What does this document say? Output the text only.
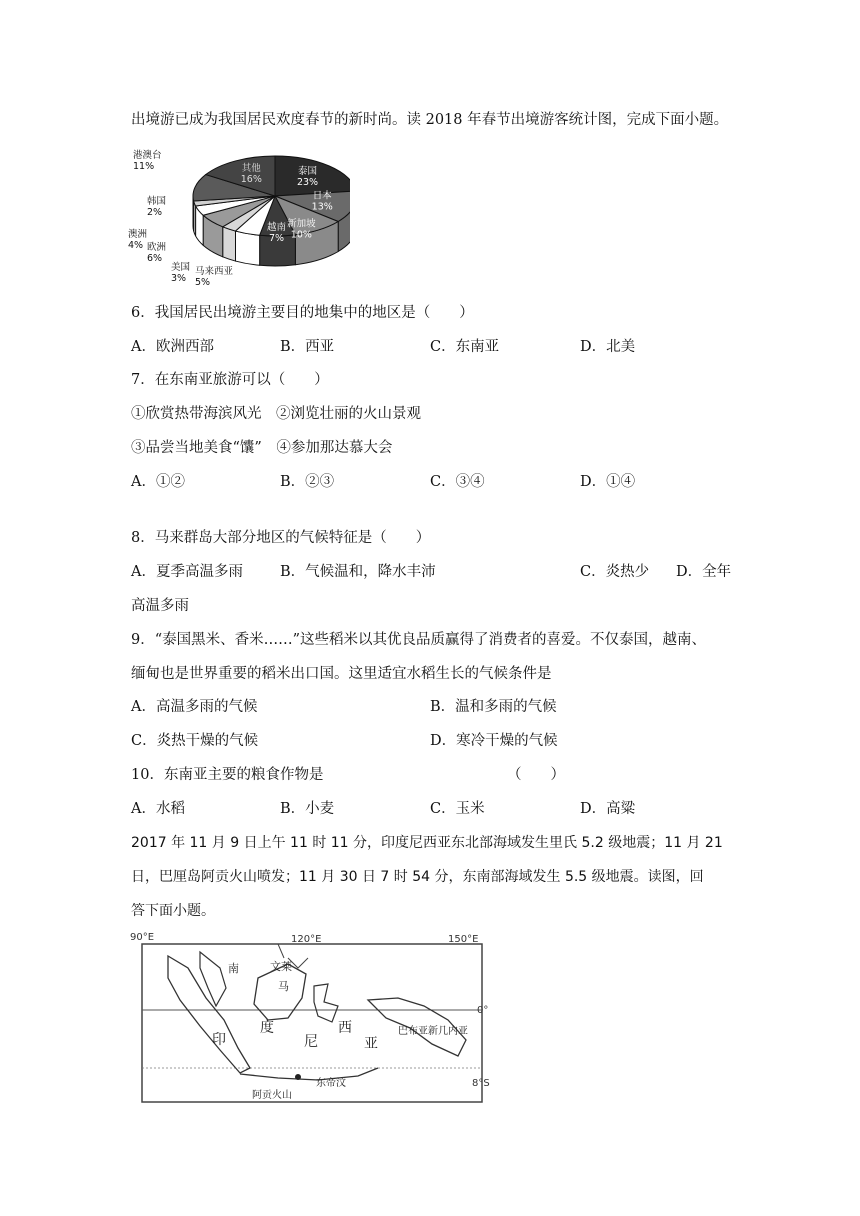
出境游已成为我国居民欢度春节的新时尚。读 2018 年春节出境游客统计图，完成下面小题。
泰国
23%
日本
13%
新加坡
10%
越南
7%
马来西亚
5%
美国
3%
欧洲
6%
澳洲
4%
韩国
2%
港澳台
11%	其他
16%
6．我国居民出境游主要目的地集中的地区是（　　）
A．欧洲西部	B．西亚	C．东南亚	D．北美
7．在东南亚旅游可以（　　）
①欣赏热带海滨风光　②浏览壮丽的火山景观
③品尝当地美食“馕”　④参加那达慕大会
A．①②	B．②③	C．③④	D．①④
8．马来群岛大部分地区的气候特征是（　　）
A．夏季高温多雨	B．气候温和，降水丰沛	C．炎热少 D．全年
高温多雨
9．“泰国黑米、香米……”这些稻米以其优良品质赢得了消费者的喜爱。不仅泰国，越南、
缅甸也是世界重要的稻米出口国。这里适宜水稻生长的气候条件是
A．高温多雨的气候	B．温和多雨的气候
C．炎热干燥的气候	D．寒冷干燥的气候
10．东南亚主要的粮食作物是	（　　）
A．水稻	B．小麦	C．玉米	D．高粱
2017 年 11 月 9 日上午 11 时 11 分，印度尼西亚东北部海域发生里氏 5.2 级地震；11 月 21
日，巴厘岛阿贡火山喷发；11 月 30 日 7 时 54 分，东南部海域发生 5.5 级地震。读图，回
答下面小题。
90°E	120°E	150°E
0°
8°S
南	文莱
马
印
度
尼
西
亚
巴布亚新几内亚
东帝汶
阿贡火山
